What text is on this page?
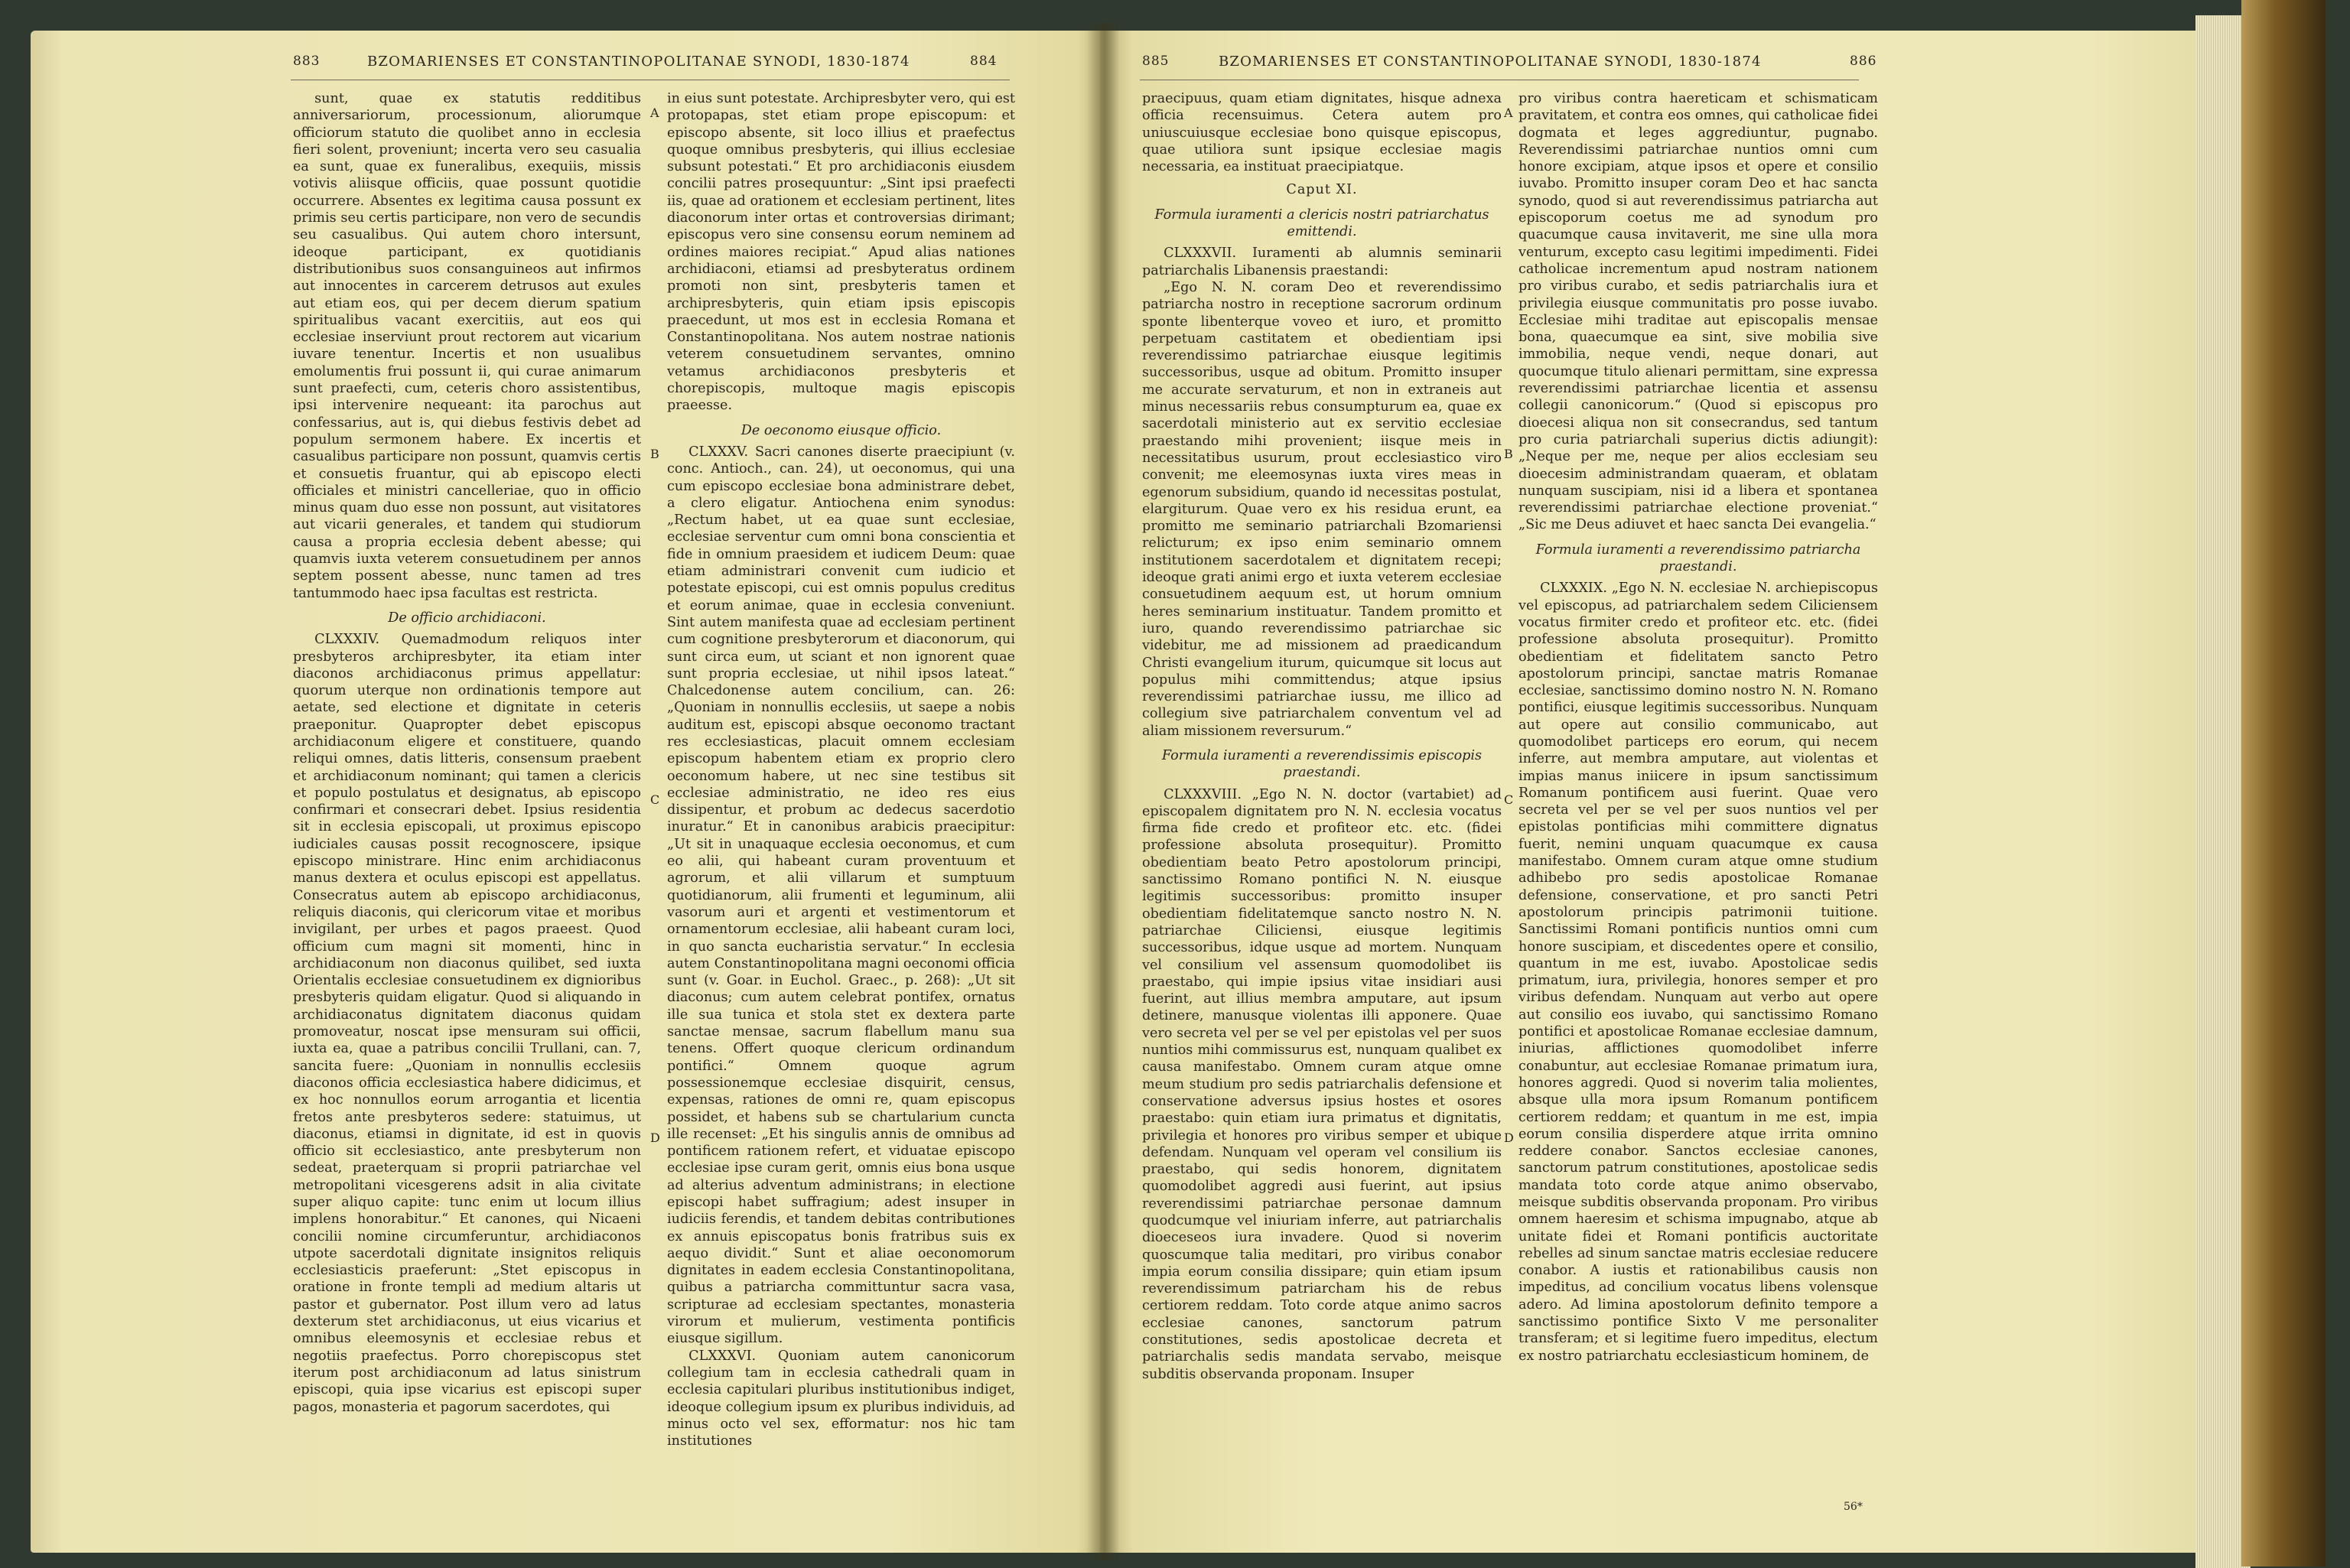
883	BZOMARIENSES ET CONSTANTINOPOLITANAE SYNODI, 1830-1874	884

sunt, quae ex statutis redditibus anniversariorum, processionum, aliorumque officiorum statuto die quolibet anno in ecclesia fieri solent, proveniunt; incerta vero seu casualia ea sunt, quae ex funeralibus, exequiis, missis votivis aliisque officiis, quae possunt quotidie occurrere. Absentes ex legitima causa possunt ex primis seu certis participare, non vero de secundis seu casualibus. Qui autem choro intersunt, ideoque participant, ex quotidianis distributionibus suos consanguineos aut infirmos aut innocentes in carcerem detrusos aut exules aut etiam eos, qui per decem dierum spatium spiritualibus vacant exercitiis, aut eos qui ecclesiae inserviunt prout rectorem aut vicarium iuvare tenentur. Incertis et non usualibus emolumentis frui possunt ii, qui curae animarum sunt praefecti, cum, ceteris choro assistentibus, ipsi intervenire nequeant: ita parochus aut confessarius, aut is, qui diebus festivis debet ad populum sermonem habere. Ex incertis et casualibus participare non possunt, quamvis certis et consuetis fruantur, qui ab episcopo electi officiales et ministri cancelleriae, quo in officio minus quam duo esse non possunt, aut visitatores aut vicarii generales, et tandem qui studiorum causa a propria ecclesia debent abesse; qui quamvis iuxta veterem consuetudinem per annos septem possent abesse, nunc tamen ad tres tantummodo haec ipsa facultas est restricta.

De officio archidiaconi.

CLXXXIV. Quemadmodum reliquos inter presbyteros archipresbyter, ita etiam inter diaconos archidiaconus primus appellatur: quorum uterque non ordinationis tempore aut aetate, sed electione et dignitate in ceteris praeponitur. Quapropter debet episcopus archidiaconum eligere et constituere, quando reliqui omnes, datis litteris, consensum praebent et archidiaconum nominant; qui tamen a clericis et populo postulatus et designatus, ab episcopo confirmari et consecrari debet. Ipsius residentia sit in ecclesia episcopali, ut proximus episcopo iudiciales causas possit recognoscere, ipsique episcopo ministrare. Hinc enim archidiaconus manus dextera et oculus episcopi est appellatus. Consecratus autem ab episcopo archidiaconus, reliquis diaconis, qui clericorum vitae et moribus invigilant, per urbes et pagos praeest. Quod officium cum magni sit momenti, hinc in archidiaconum non diaconus quilibet, sed iuxta Orientalis ecclesiae consuetudinem ex dignioribus presbyteris quidam eligatur. Quod si aliquando in archidiaconatus dignitatem diaconus quidam promoveatur, noscat ipse mensuram sui officii, iuxta ea, quae a patribus concilii Trullani, can. 7, sancita fuere: „Quoniam in nonnullis ecclesiis diaconos officia ecclesiastica habere didicimus, et ex hoc nonnullos eorum arrogantia et licentia fretos ante presbyteros sedere: statuimus, ut diaconus, etiamsi in dignitate, id est in quovis officio sit ecclesiastico, ante presbyterum non sedeat, praeterquam si proprii patriarchae vel metropolitani vicesgerens adsit in alia civitate super aliquo capite: tunc enim ut locum illius implens honorabitur.“ Et canones, qui Nicaeni concilii nomine circumferuntur, archidiaconos utpote sacerdotali dignitate insignitos reliquis ecclesiasticis praeferunt: „Stet episcopus in oratione in fronte templi ad medium altaris ut pastor et gubernator. Post illum vero ad latus dexterum stet archidiaconus, ut eius vicarius et omnibus eleemosynis et ecclesiae rebus et negotiis praefectus. Porro chorepiscopus stet iterum post archidiaconum ad latus sinistrum episcopi, quia ipse vicarius est episcopi super pagos, monasteria et pagorum sacerdotes, qui

in eius sunt potestate. Archipresbyter vero, qui est protopapas, stet etiam prope episcopum: et episcopo absente, sit loco illius et praefectus quoque omnibus presbyteris, qui illius ecclesiae subsunt potestati.“ Et pro archidiaconis eiusdem concilii patres prosequuntur: „Sint ipsi praefecti iis, quae ad orationem et ecclesiam pertinent, lites diaconorum inter ortas et controversias dirimant; episcopus vero sine consensu eorum neminem ad ordines maiores recipiat.“ Apud alias nationes archidiaconi, etiamsi ad presbyteratus ordinem promoti non sint, presbyteris tamen et archipresbyteris, quin etiam ipsis episcopis praecedunt, ut mos est in ecclesia Romana et Constantinopolitana. Nos autem nostrae nationis veterem consuetudinem servantes, omnino vetamus archidiaconos presbyteris et chorepiscopis, multoque magis episcopis praeesse.

De oeconomo eiusque officio.

CLXXXV. Sacri canones diserte praecipiunt (v. conc. Antioch., can. 24), ut oeconomus, qui una cum episcopo ecclesiae bona administrare debet, a clero eligatur. Antiochena enim synodus: „Rectum habet, ut ea quae sunt ecclesiae, ecclesiae serventur cum omni bona conscientia et fide in omnium praesidem et iudicem Deum: quae etiam administrari convenit cum iudicio et potestate episcopi, cui est omnis populus creditus et eorum animae, quae in ecclesia conveniunt. Sint autem manifesta quae ad ecclesiam pertinent cum cognitione presbyterorum et diaconorum, qui sunt circa eum, ut sciant et non ignorent quae sunt propria ecclesiae, ut nihil ipsos lateat.“ Chalcedonense autem concilium, can. 26: „Quoniam in nonnullis ecclesiis, ut saepe a nobis auditum est, episcopi absque oeconomo tractant res ecclesiasticas, placuit omnem ecclesiam episcopum habentem etiam ex proprio clero oeconomum habere, ut nec sine testibus sit ecclesiae administratio, ne ideo res eius dissipentur, et probum ac dedecus sacerdotio inuratur.“ Et in canonibus arabicis praecipitur: „Ut sit in unaquaque ecclesia oeconomus, et cum eo alii, qui habeant curam proventuum et agrorum, et alii villarum et sumptuum quotidianorum, alii frumenti et leguminum, alii vasorum auri et argenti et vestimentorum et ornamentorum ecclesiae, alii habeant curam loci, in quo sancta eucharistia servatur.“ In ecclesia autem Constantinopolitana magni oeconomi officia sunt (v. Goar. in Euchol. Graec., p. 268): „Ut sit diaconus; cum autem celebrat pontifex, ornatus ille sua tunica et stola stet ex dextera parte sanctae mensae, sacrum flabellum manu sua tenens. Offert quoque clericum ordinandum pontifici.“ Omnem quoque agrum possessionemque ecclesiae disquirit, census, expensas, rationes de omni re, quam episcopus possidet, et habens sub se chartularium cuncta ille recenset: „Et his singulis annis de omnibus ad pontificem rationem refert, et viduatae episcopo ecclesiae ipse curam gerit, omnis eius bona usque ad alterius adventum administrans; in electione episcopi habet suffragium; adest insuper in iudiciis ferendis, et tandem debitas contributiones ex annuis episcopatus bonis fratribus suis ex aequo dividit.“ Sunt et aliae oeconomorum dignitates in eadem ecclesia Constantinopolitana, quibus a patriarcha committuntur sacra vasa, scripturae ad ecclesiam spectantes, monasteria virorum et mulierum, vestimenta pontificis eiusque sigillum.

CLXXXVI. Quoniam autem canonicorum collegium tam in ecclesia cathedrali quam in ecclesia capitulari pluribus institutionibus indiget, ideoque collegium ipsum ex pluribus individuis, ad minus octo vel sex, efformatur: nos hic tam institutiones

A
B
C
D
885	BZOMARIENSES ET CONSTANTINOPOLITANAE SYNODI, 1830-1874	886

praecipuus, quam etiam dignitates, hisque adnexa officia recensuimus. Cetera autem pro uniuscuiusque ecclesiae bono quisque episcopus, quae utiliora sunt ipsique ecclesiae magis necessaria, ea instituat praecipiatque.

Caput XI.

Formula iuramenti a clericis nostri patriarchatus emittendi.

CLXXXVII. Iuramenti ab alumnis seminarii patriarchalis Libanensis praestandi:

„Ego N. N. coram Deo et reverendissimo patriarcha nostro in receptione sacrorum ordinum sponte libenterque voveo et iuro, et promitto perpetuam castitatem et obedientiam ipsi reverendissimo patriarchae eiusque legitimis successoribus, usque ad obitum. Promitto insuper me accurate servaturum, et non in extraneis aut minus necessariis rebus consumpturum ea, quae ex sacerdotali ministerio aut ex servitio ecclesiae praestando mihi provenient; iisque meis in necessitatibus usurum, prout ecclesiastico viro convenit; me eleemosynas iuxta vires meas in egenorum subsidium, quando id necessitas postulat, elargiturum. Quae vero ex his residua erunt, ea promitto me seminario patriarchali Bzomariensi relicturum; ex ipso enim seminario omnem institutionem sacerdotalem et dignitatem recepi; ideoque grati animi ergo et iuxta veterem ecclesiae consuetudinem aequum est, ut horum omnium heres seminarium instituatur. Tandem promitto et iuro, quando reverendissimo patriarchae sic videbitur, me ad missionem ad praedicandum Christi evangelium iturum, quicumque sit locus aut populus mihi committendus; atque ipsius reverendissimi patriarchae iussu, me illico ad collegium sive patriarchalem conventum vel ad aliam missionem reversurum.“

Formula iuramenti a reverendissimis episcopis praestandi.

CLXXXVIII. „Ego N. N. doctor (vartabiet) ad episcopalem dignitatem pro N. N. ecclesia vocatus firma fide credo et profiteor etc. etc. (fidei professione absoluta prosequitur). Promitto obedientiam beato Petro apostolorum principi, sanctissimo Romano pontifici N. N. eiusque legitimis successoribus: promitto insuper obedientiam fidelitatemque sancto nostro N. N. patriarchae Ciliciensi, eiusque legitimis successoribus, idque usque ad mortem. Nunquam vel consilium vel assensum quomodolibet iis praestabo, qui impie ipsius vitae insidiari ausi fuerint, aut illius membra amputare, aut ipsum detinere, manusque violentas illi apponere. Quae vero secreta vel per se vel per epistolas vel per suos nuntios mihi commissurus est, nunquam qualibet ex causa manifestabo. Omnem curam atque omne meum studium pro sedis patriarchalis defensione et conservatione adversus ipsius hostes et osores praestabo: quin etiam iura primatus et dignitatis, privilegia et honores pro viribus semper et ubique defendam. Nunquam vel operam vel consilium iis praestabo, qui sedis honorem, dignitatem quomodolibet aggredi ausi fuerint, aut ipsius reverendissimi patriarchae personae damnum quodcumque vel iniuriam inferre, aut patriarchalis dioeceseos iura invadere. Quod si noverim quoscumque talia meditari, pro viribus conabor impia eorum consilia dissipare; quin etiam ipsum reverendissimum patriarcham his de rebus certiorem reddam. Toto corde atque animo sacros ecclesiae canones, sanctorum patrum constitutiones, sedis apostolicae decreta et patriarchalis sedis mandata servabo, meisque subditis observanda proponam. Insuper

pro viribus contra haereticam et schismaticam pravitatem, et contra eos omnes, qui catholicae fidei dogmata et leges aggrediuntur, pugnabo. Reverendissimi patriarchae nuntios omni cum honore excipiam, atque ipsos et opere et consilio iuvabo. Promitto insuper coram Deo et hac sancta synodo, quod si aut reverendissimus patriarcha aut episcoporum coetus me ad synodum pro quacumque causa invitaverit, me sine ulla mora venturum, excepto casu legitimi impedimenti. Fidei catholicae incrementum apud nostram nationem pro viribus curabo, et sedis patriarchalis iura et privilegia eiusque communitatis pro posse iuvabo. Ecclesiae mihi traditae aut episcopalis mensae bona, quaecumque ea sint, sive mobilia sive immobilia, neque vendi, neque donari, aut quocumque titulo alienari permittam, sine expressa reverendissimi patriarchae licentia et assensu collegii canonicorum.“ (Quod si episcopus pro dioecesi aliqua non sit consecrandus, sed tantum pro curia patriarchali superius dictis adiungit): „Neque per me, neque per alios ecclesiam seu dioecesim administrandam quaeram, et oblatam nunquam suscipiam, nisi id a libera et spontanea reverendissimi patriarchae electione proveniat.“ „Sic me Deus adiuvet et haec sancta Dei evangelia.“

Formula iuramenti a reverendissimo patriarcha praestandi.

CLXXXIX. „Ego N. N. ecclesiae N. archiepiscopus vel episcopus, ad patriarchalem sedem Ciliciensem vocatus firmiter credo et profiteor etc. etc. (fidei professione absoluta prosequitur). Promitto obedientiam et fidelitatem sancto Petro apostolorum principi, sanctae matris Romanae ecclesiae, sanctissimo domino nostro N. N. Romano pontifici, eiusque legitimis successoribus. Nunquam aut opere aut consilio communicabo, aut quomodolibet particeps ero eorum, qui necem inferre, aut membra amputare, aut violentas et impias manus iniicere in ipsum sanctissimum Romanum pontificem ausi fuerint. Quae vero secreta vel per se vel per suos nuntios vel per epistolas pontificias mihi committere dignatus fuerit, nemini unquam quacumque ex causa manifestabo. Omnem curam atque omne studium adhibebo pro sedis apostolicae Romanae defensione, conservatione, et pro sancti Petri apostolorum principis patrimonii tuitione. Sanctissimi Romani pontificis nuntios omni cum honore suscipiam, et discedentes opere et consilio, quantum in me est, iuvabo. Apostolicae sedis primatum, iura, privilegia, honores semper et pro viribus defendam. Nunquam aut verbo aut opere aut consilio eos iuvabo, qui sanctissimo Romano pontifici et apostolicae Romanae ecclesiae damnum, iniurias, afflictiones quomodolibet inferre conabuntur, aut ecclesiae Romanae primatum iura, honores aggredi. Quod si noverim talia molientes, absque ulla mora ipsum Romanum pontificem certiorem reddam; et quantum in me est, impia eorum consilia disperdere atque irrita omnino reddere conabor. Sanctos ecclesiae canones, sanctorum patrum constitutiones, apostolicae sedis mandata toto corde atque animo observabo, meisque subditis observanda proponam. Pro viribus omnem haeresim et schisma impugnabo, atque ab unitate fidei et Romani pontificis auctoritate rebelles ad sinum sanctae matris ecclesiae reducere conabor. A iustis et rationabilibus causis non impeditus, ad concilium vocatus libens volensque adero. Ad limina apostolorum definito tempore a sanctissimo pontifice Sixto V me personaliter transferam; et si legitime fuero impeditus, electum ex nostro patriarchatu ecclesiasticum hominem, de

A
B
C
D
56*
